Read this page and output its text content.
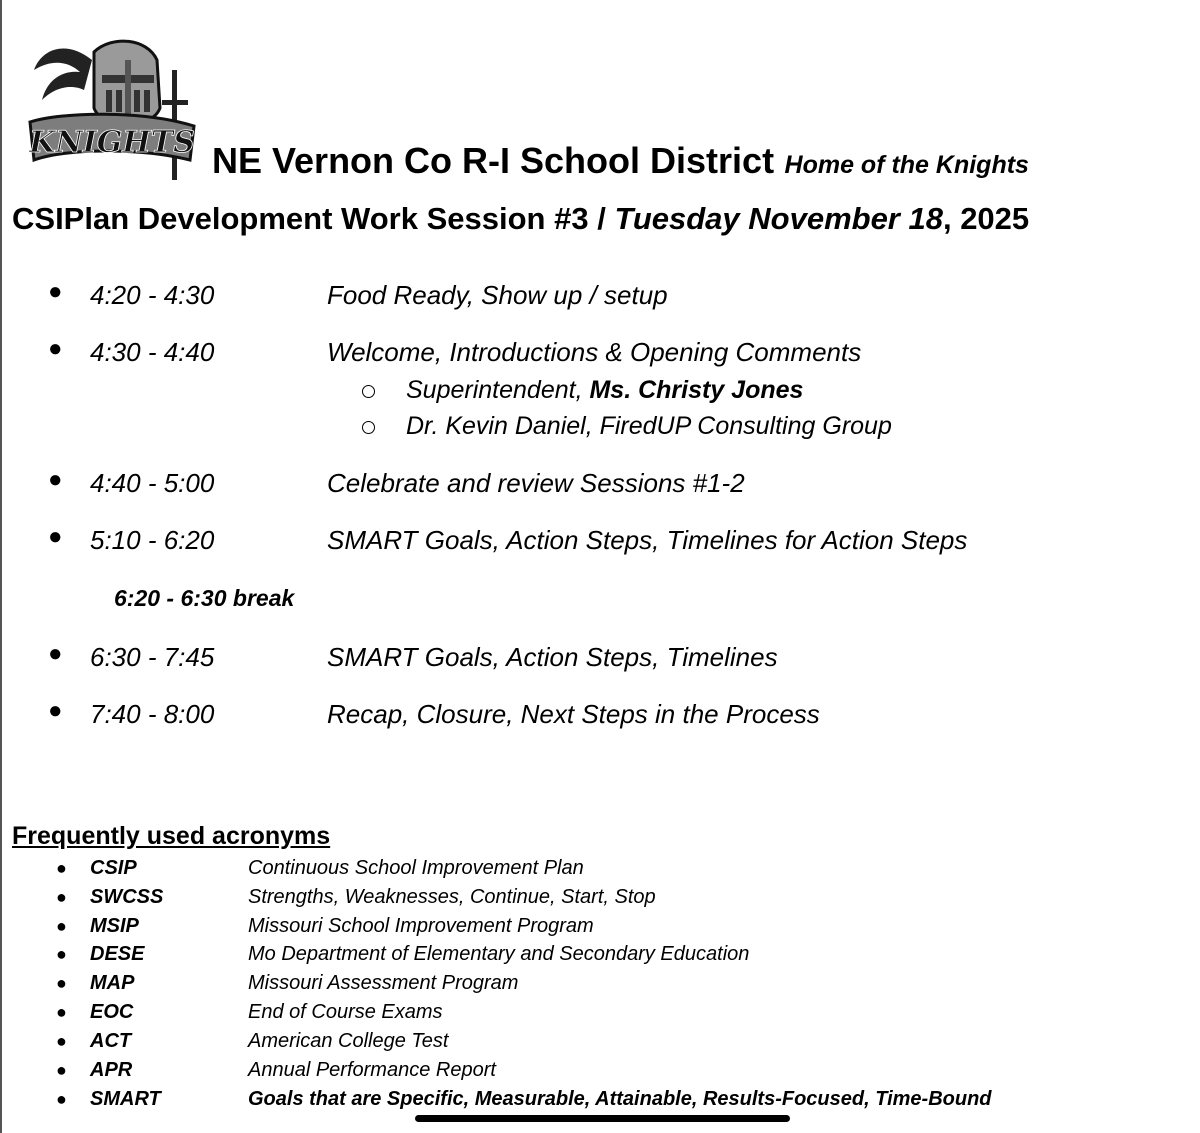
KNIGHTS NE Vernon Co R-I School District Home of the Knights
CSIPlan Development Work Session #3 / Tuesday November 18, 2025
● 4:20 - 4:30	Food Ready, Show up / setup
● 4:30 - 4:40	Welcome, Introductions & Opening Comments
Superintendent, Ms. Christy Jones
Dr. Kevin Daniel, FiredUP Consulting Group
● 4:40 - 5:00	Celebrate and review Sessions #1-2
● 5:10 - 6:20	SMART Goals, Action Steps, Timelines for Action Steps
6:20 - 6:30 break
● 6:30 - 7:45	SMART Goals, Action Steps, Timelines
● 7:40 - 8:00	Recap, Closure, Next Steps in the Process
Frequently used acronyms
● CSIP	Continuous School Improvement Plan
● SWCSS	Strengths, Weaknesses, Continue, Start, Stop
● MSIP	Missouri School Improvement Program
● DESE	Mo Department of Elementary and Secondary Education
● MAP	Missouri Assessment Program
● EOC	End of Course Exams
● ACT	American College Test
● APR	Annual Performance Report
● SMART	Goals that are Specific, Measurable, Attainable, Results-Focused, Time-Bound
